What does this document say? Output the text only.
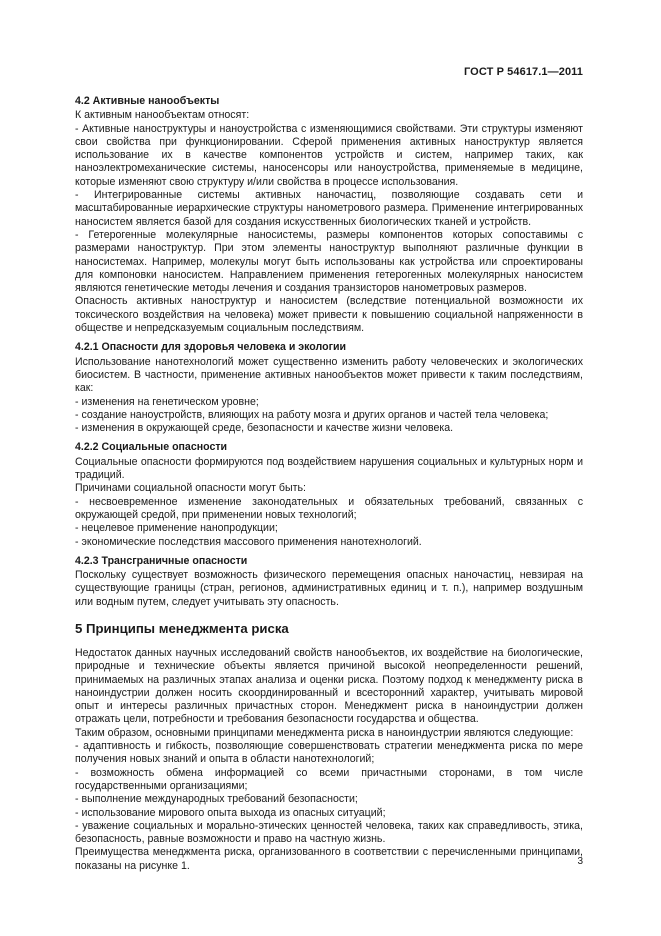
ГОСТ Р 54617.1—2011
4.2 Активные нанообъекты

К активным нанообъектам относят:

- Активные наноструктуры и наноустройства с изменяющимися свойствами. Эти структуры изменяют свои свойства при функционировании. Сферой применения активных наноструктур является использование их в качестве компонентов устройств и систем, например таких, как наноэлектромеханические системы, наносенсоры или наноустройства, применяемые в медицине, которые изменяют свою структуру и/или свойства в процессе использования.

- Интегрированные системы активных наночастиц, позволяющие создавать сети и масштабированные иерархические структуры нанометрового размера. Применение интегрированных наносистем является базой для создания искусственных биологических тканей и устройств.

- Гетерогенные молекулярные наносистемы, размеры компонентов которых сопоставимы с размерами наноструктур. При этом элементы наноструктур выполняют различные функции в наносистемах. Например, молекулы могут быть использованы как устройства или спроектированы для компоновки наносистем. Направлением применения гетерогенных молекулярных наносистем являются генетические методы лечения и создания транзисторов нанометровых размеров.

Опасность активных наноструктур и наносистем (вследствие потенциальной возможности их токсического воздействия на человека) может привести к повышению социальной напряженности в обществе и непредсказуемым социальным последствиям.

4.2.1 Опасности для здоровья человека и экологии

Использование нанотехнологий может существенно изменить работу человеческих и экологических биосистем. В частности, применение активных нанообъектов может привести к таким последствиям, как:

- изменения на генетическом уровне;

- создание наноустройств, влияющих на работу мозга и других органов и частей тела человека;

- изменения в окружающей среде, безопасности и качестве жизни человека.

4.2.2 Социальные опасности

Социальные опасности формируются под воздействием нарушения социальных и культурных норм и традиций.

Причинами социальной опасности могут быть:

- несвоевременное изменение законодательных и обязательных требований, связанных с окружающей средой, при применении новых технологий;

- нецелевое применение нанопродукции;

- экономические последствия массового применения нанотехнологий.

4.2.3 Трансграничные опасности

Поскольку существует возможность физического перемещения опасных наночастиц, невзирая на существующие границы (стран, регионов, административных единиц и т. п.), например воздушным или водным путем, следует учитывать эту опасность.

5 Принципы менеджмента риска

Недостаток данных научных исследований свойств нанообъектов, их воздействие на биологические, природные и технические объекты является причиной высокой неопределенности решений, принимаемых на различных этапах анализа и оценки риска. Поэтому подход к менеджменту риска в наноиндустрии должен носить скоординированный и всесторонний характер, учитывать мировой опыт и интересы различных причастных сторон. Менеджмент риска в наноиндустрии должен отражать цели, потребности и требования безопасности государства и общества.

Таким образом, основными принципами менеджмента риска в наноиндустрии являются следующие:

- адаптивность и гибкость, позволяющие совершенствовать стратегии менеджмента риска по мере получения новых знаний и опыта в области нанотехнологий;

- возможность обмена информацией со всеми причастными сторонами, в том числе государственными организациями;

- выполнение международных требований безопасности;

- использование мирового опыта выхода из опасных ситуаций;

- уважение социальных и морально-этических ценностей человека, таких как справедливость, этика, безопасность, равные возможности и право на частную жизнь.

Преимущества менеджмента риска, организованного в соответствии с перечисленными принципами, показаны на рисунке 1.	3
